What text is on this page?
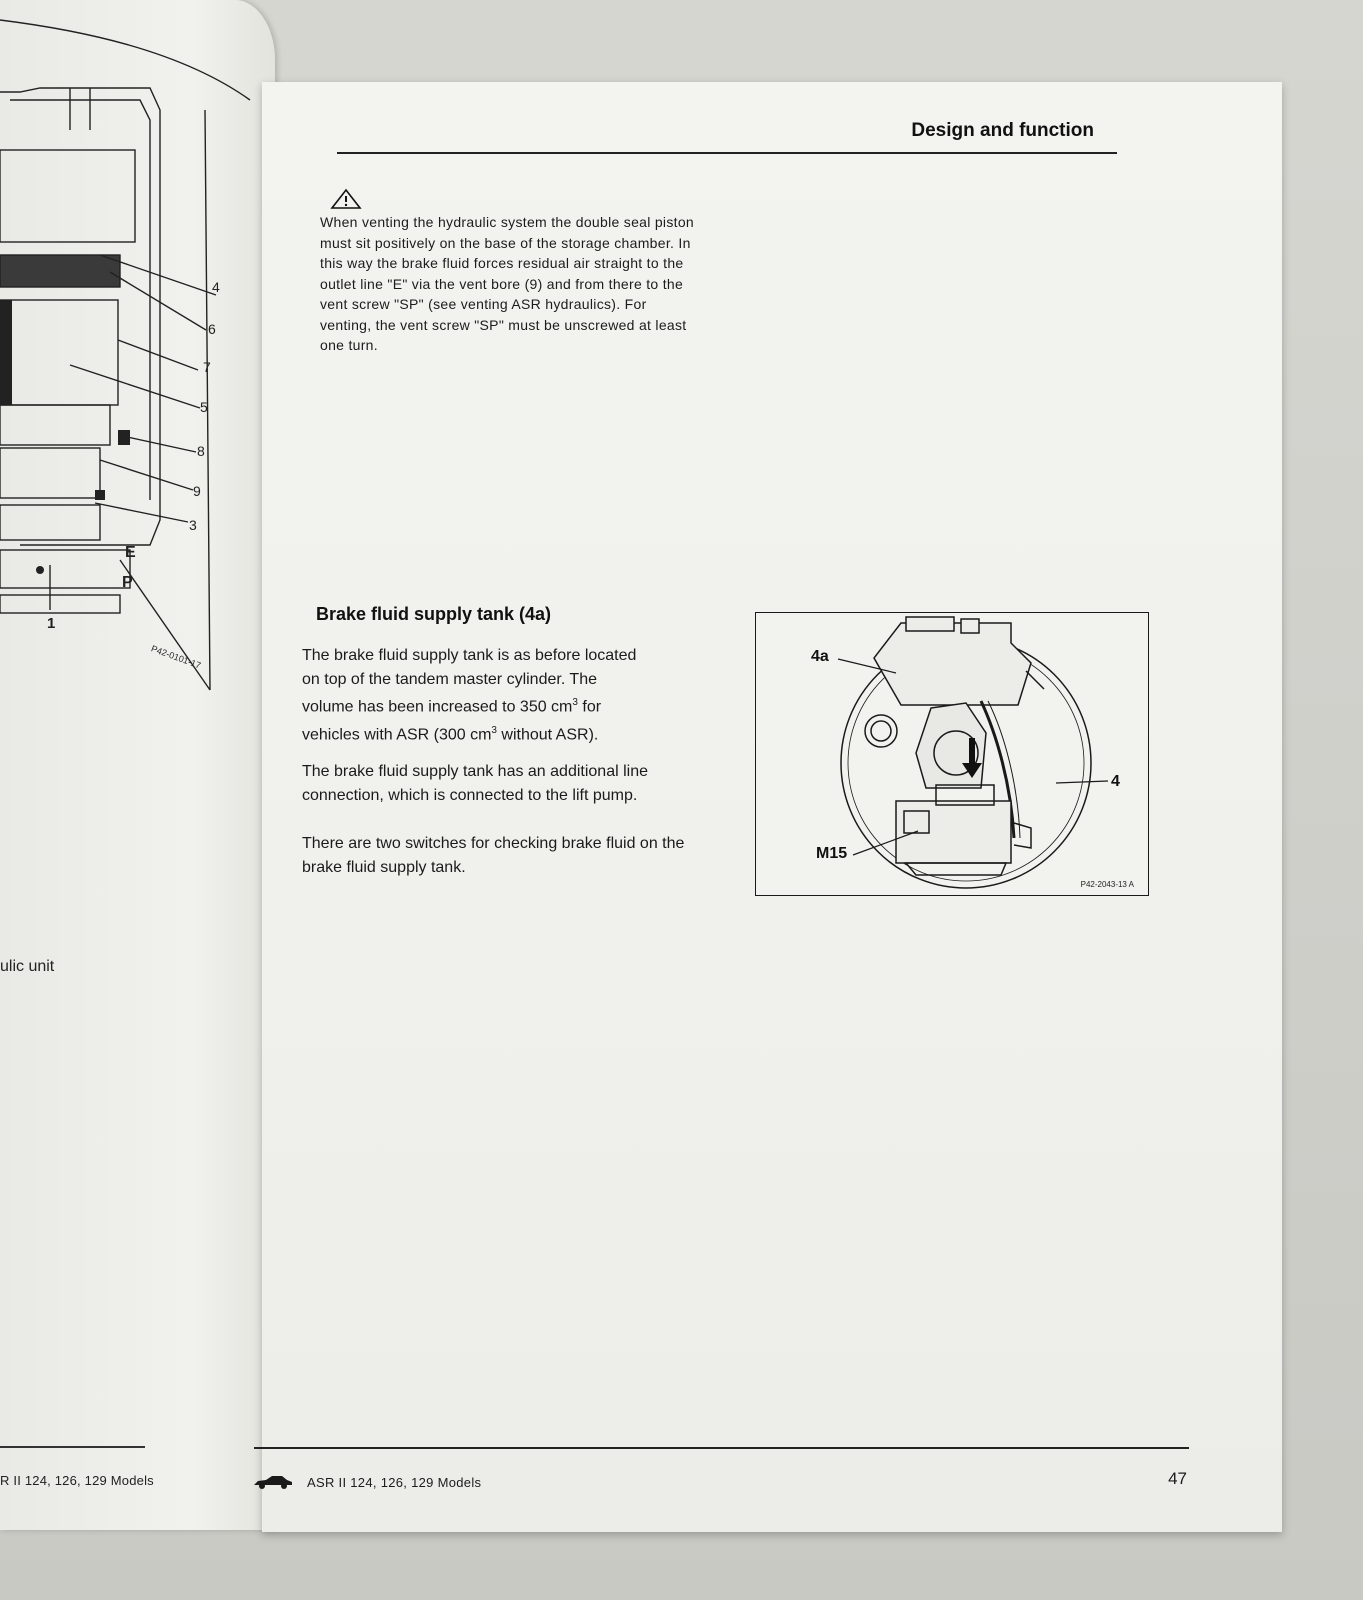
4
6
7
5
8
9
3
E
P
1
P42-0101-17
ulic unit
R II 124, 126, 129 Models
Design and function

When venting the hydraulic system the double seal piston must sit positively on the base of the storage chamber. In this way the brake fluid forces residual air straight to the outlet line "E" via the vent bore (9) and from there to the vent screw "SP" (see venting ASR hydraulics). For venting, the vent screw "SP" must be unscrewed at least one turn.

Brake fluid supply tank (4a)

The brake fluid supply tank is as before located
on top of the tandem master cylinder. The
volume has been increased to 350 $cm^3$ for
vehicles with ASR (300 $cm^3$ without ASR).

The brake fluid supply tank has an additional line connection, which is connected to the lift pump.

There are two switches for checking brake fluid on the brake fluid supply tank.

4a
4
M15
P42-2043-13 A
ASR II 124, 126, 129 Models	47
